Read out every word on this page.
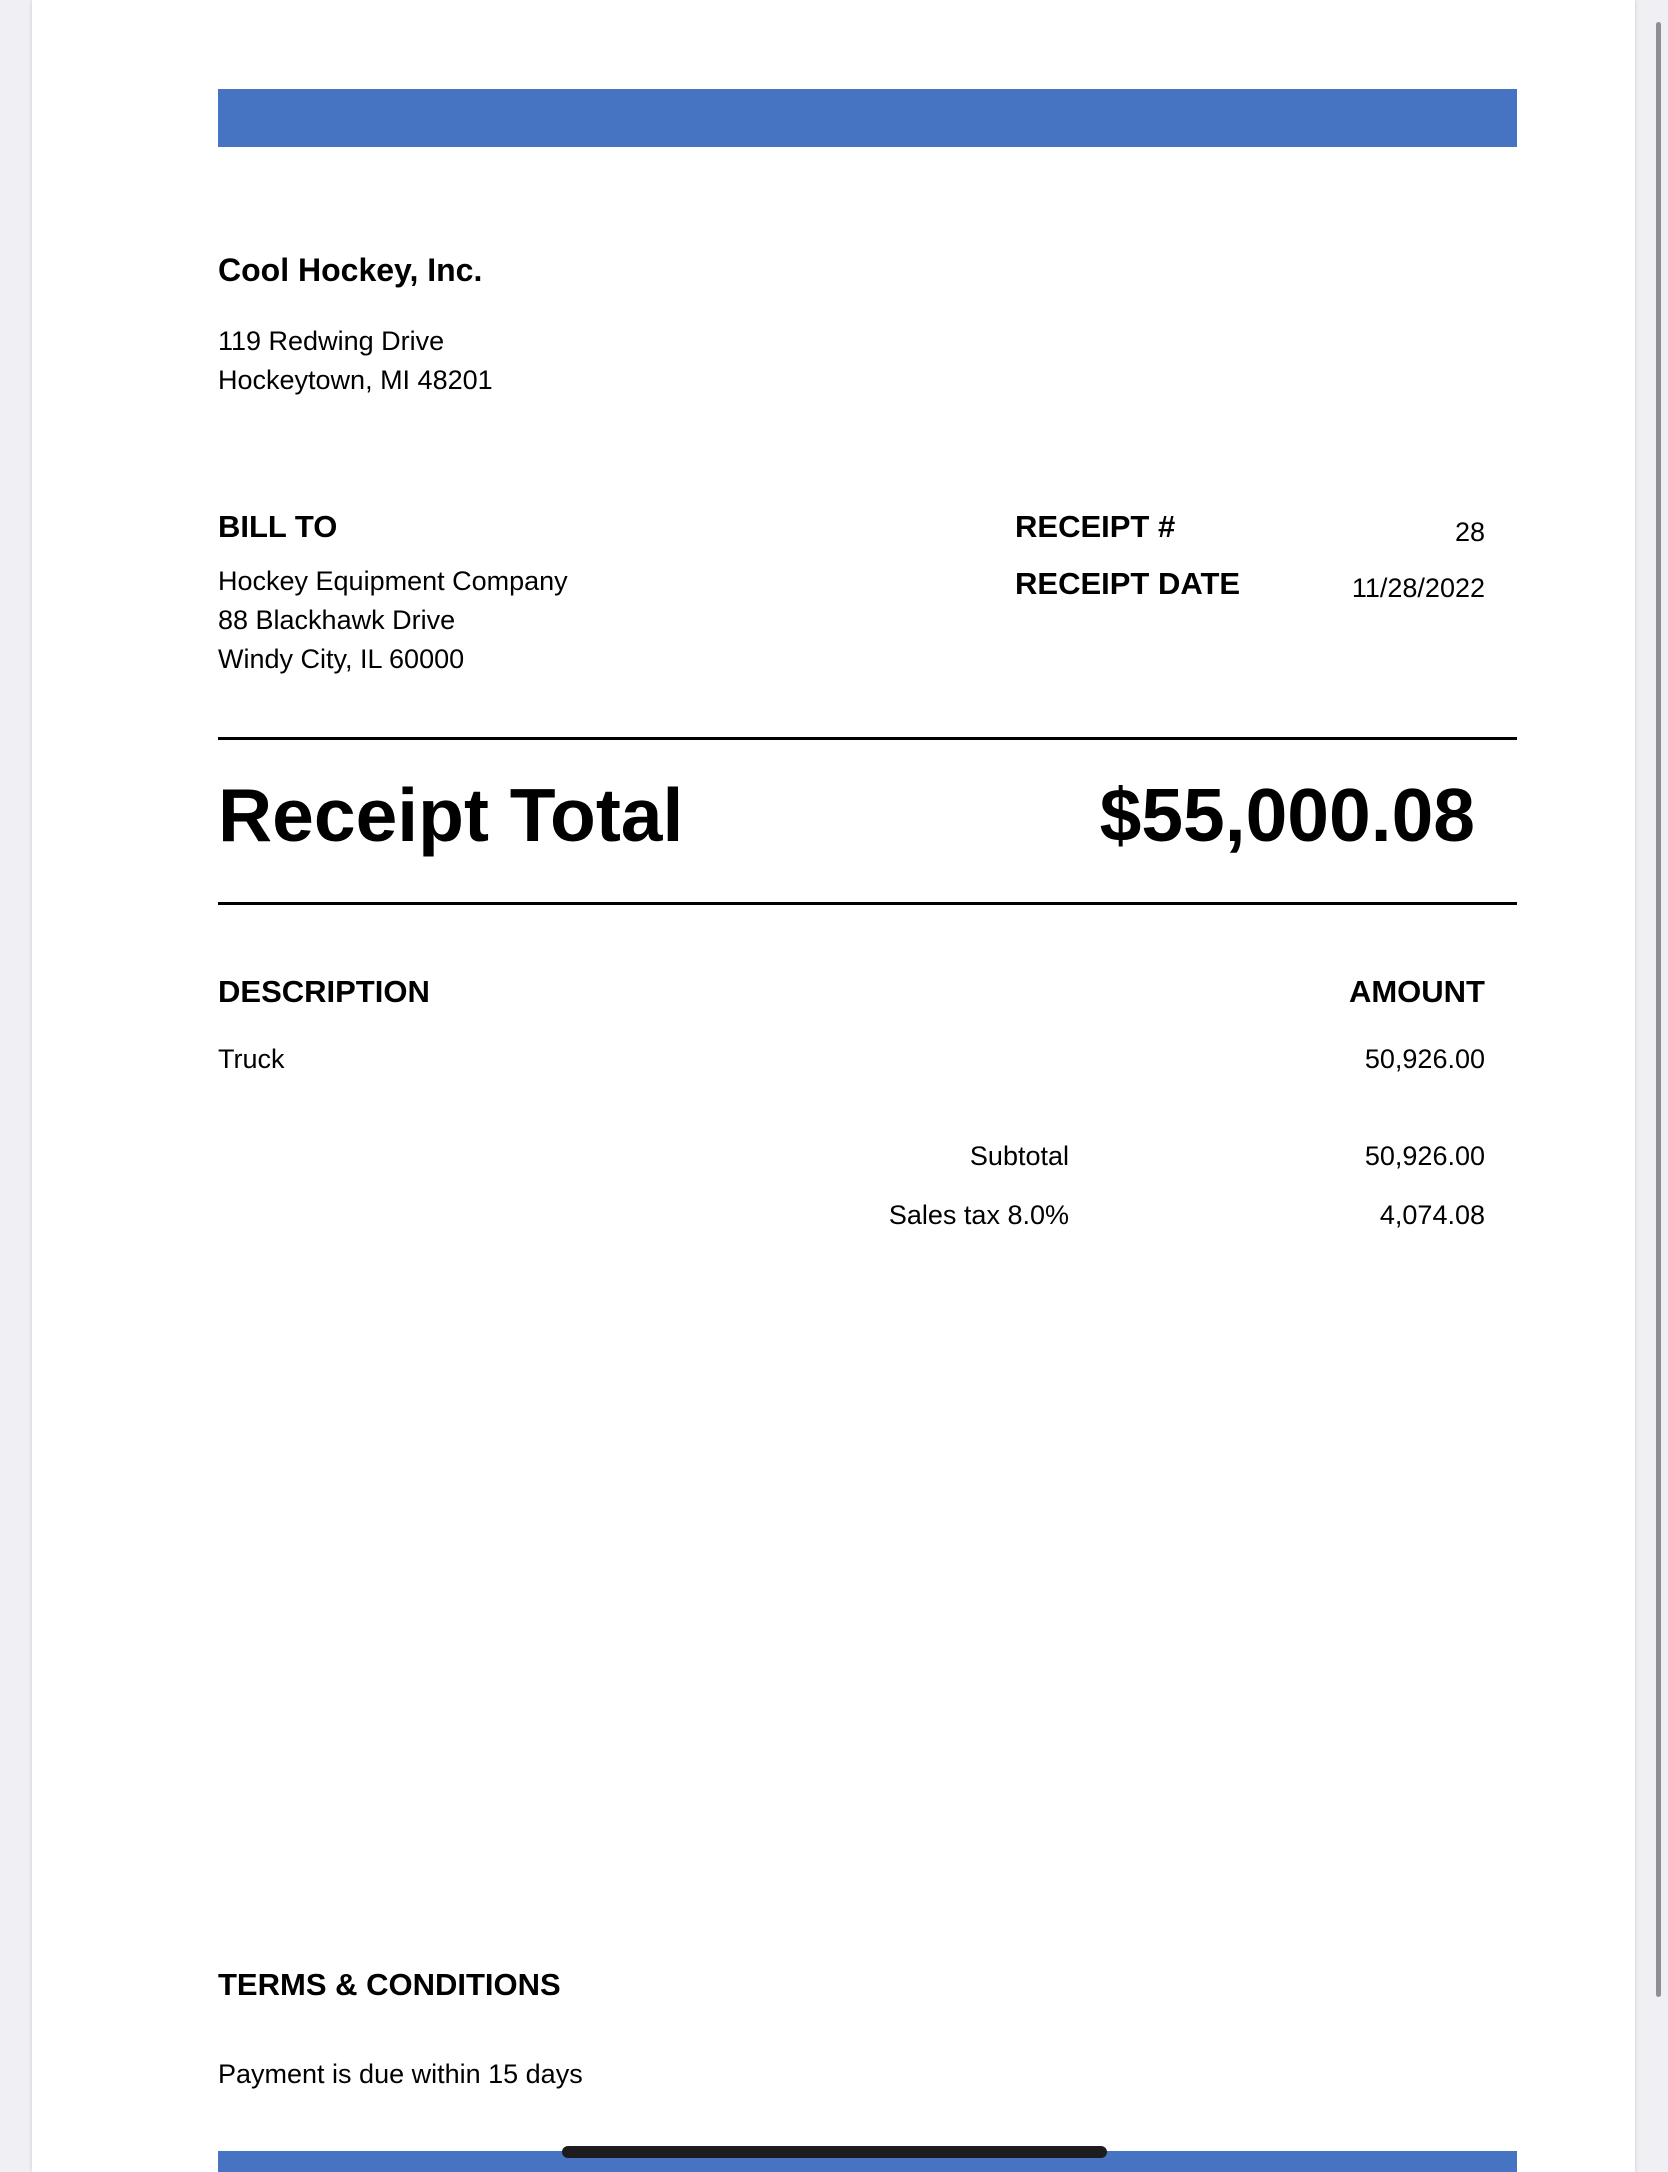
Cool Hockey, Inc.
119 Redwing Drive
Hockeytown, MI 48201
BILL TO
Hockey Equipment Company
88 Blackhawk Drive
Windy City, IL 60000
RECEIPT #	28
RECEIPT DATE	11/28/2022
Receipt Total	$55,000.08
DESCRIPTION	AMOUNT
Truck	50,926.00
Subtotal	50,926.00
Sales tax 8.0%	4,074.08
TERMS & CONDITIONS
Payment is due within 15 days
